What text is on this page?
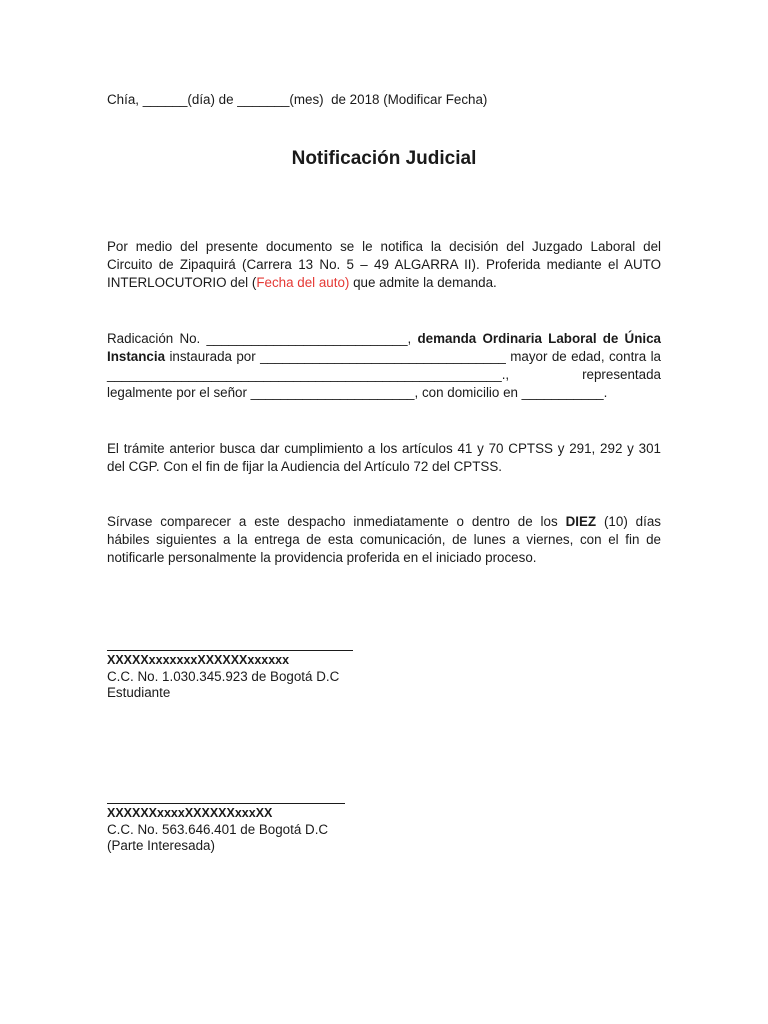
Chía, ______(día) de _______(mes)  de 2018 (Modificar Fecha)
Notificación Judicial
Por medio del presente documento se le notifica la decisión del Juzgado Laboral del
Circuito de Zipaquirá (Carrera 13 No. 5 – 49 ALGARRA II). Proferida mediante el AUTO
INTERLOCUTORIO del (Fecha del auto) que admite la demanda.
Radicación No. ___________________________, demanda Ordinaria Laboral de Única
Instancia instaurada por _________________________________ mayor de edad, contra la
_____________________________________________________.,	representada
legalmente por el señor ______________________, con domicilio en ___________.
El trámite anterior busca dar cumplimiento a los artículos 41 y 70 CPTSS y 291, 292 y 301
del CGP. Con el fin de fijar la Audiencia del Artículo 72 del CPTSS.
Sírvase comparecer a este despacho inmediatamente o dentro de los DIEZ (10) días
hábiles siguientes a la entrega de esta comunicación, de lunes a viernes, con el fin de
notificarle personalmente la providencia proferida en el iniciado proceso.
XXXXXxxxxxxxXXXXXXxxxxxx
C.C. No. 1.030.345.923 de Bogotá D.C
Estudiante
XXXXXXxxxxXXXXXXxxxXX
C.C. No. 563.646.401 de Bogotá D.C
(Parte Interesada)
